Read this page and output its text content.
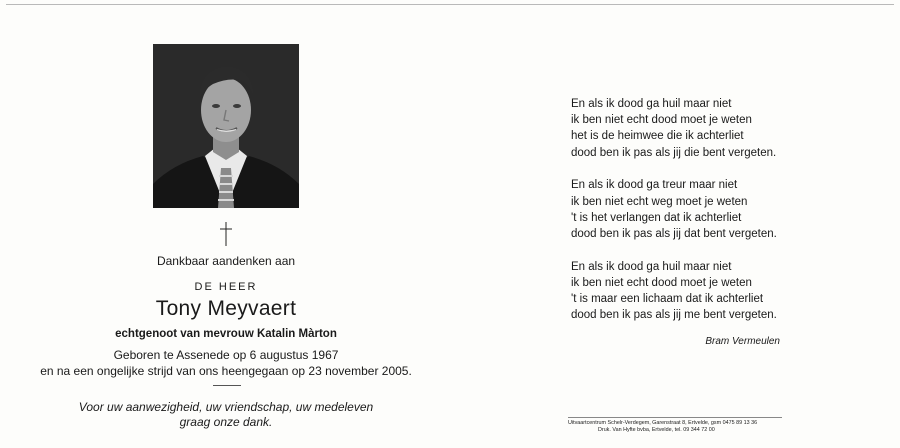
Dankbaar aandenken aan
DE HEER
Tony Meyvaert
echtgenoot van mevrouw Katalin Màrton
Geboren te Assenede op 6 augustus 1967
en na een ongelijke strijd van ons heengegaan op 23 november 2005.
Voor uw aanwezigheid, uw vriendschap, uw medeleven
graag onze dank.
En als ik dood ga huil maar niet
ik ben niet echt dood moet je weten
het is de heimwee die ik achterliet
dood ben ik pas als jij die bent vergeten.
En als ik dood ga treur maar niet
ik ben niet echt weg moet je weten
't is het verlangen dat ik achterliet
dood ben ik pas als jij dat bent vergeten.
En als ik dood ga huil maar niet
ik ben niet echt dood moet je weten
't is maar een lichaam dat ik achterliet
dood ben ik pas als jij me bent vergeten.
Bram Vermeulen
Uitvaartcentrum Schelr-Verdegem, Garenstraat 8, Ertvelde, gsm 0475 89 13 36
Druk. Van Hyfte bvba, Ertvelde, tel. 09 344 72 00
